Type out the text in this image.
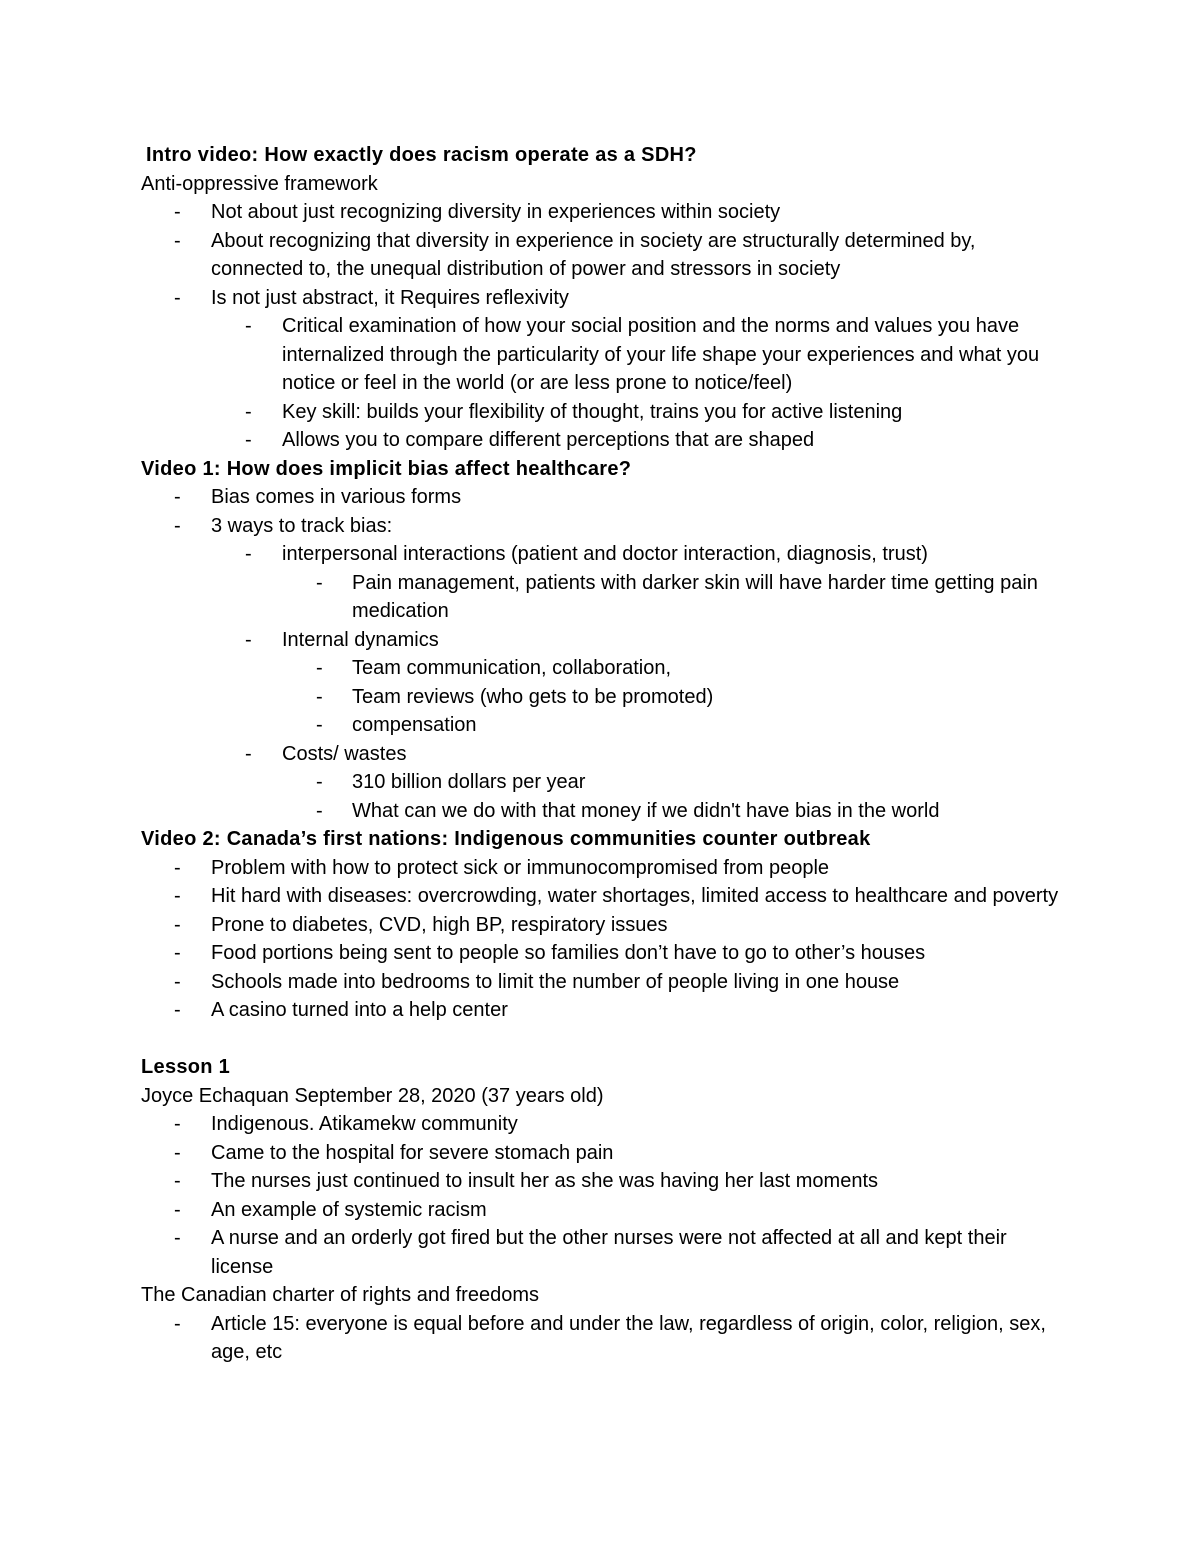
Intro video: How exactly does racism operate as a SDH?
Anti-oppressive framework
-	Not about just recognizing diversity in experiences within society
-	About recognizing that diversity in experience in society are structurally determined by, connected to, the unequal distribution of power and stressors in society
-	Is not just abstract, it Requires reflexivity
-	Critical examination of how your social position and the norms and values you have internalized through the particularity of your life shape your experiences and what you notice or feel in the world (or are less prone to notice/feel)
-	Key skill: builds your flexibility of thought, trains you for active listening
-	Allows you to compare different perceptions that are shaped
Video 1: How does implicit bias affect healthcare?
-	Bias comes in various forms
-	3 ways to track bias:
-	interpersonal interactions (patient and doctor interaction, diagnosis, trust)
-	Pain management, patients with darker skin will have harder time getting pain medication
-	Internal dynamics
-	Team communication, collaboration,
-	Team reviews (who gets to be promoted)
-	compensation
-	Costs/ wastes
-	310 billion dollars per year
-	What can we do with that money if we didn't have bias in the world
Video 2: Canada’s first nations: Indigenous communities counter outbreak
-	Problem with how to protect sick or immunocompromised from people
-	Hit hard with diseases: overcrowding, water shortages, limited access to healthcare and poverty
-	Prone to diabetes, CVD, high BP, respiratory issues
-	Food portions being sent to people so families don’t have to go to other’s houses
-	Schools made into bedrooms to limit the number of people living in one house
-	A casino turned into a help center
Lesson 1
Joyce Echaquan September 28, 2020 (37 years old)
-	Indigenous. Atikamekw community
-	Came to the hospital for severe stomach pain
-	The nurses just continued to insult her as she was having her last moments
-	An example of systemic racism
-	A nurse and an orderly got fired but the other nurses were not affected at all and kept their license
The Canadian charter of rights and freedoms
-	Article 15: everyone is equal before and under the law, regardless of origin, color, religion, sex, age, etc
